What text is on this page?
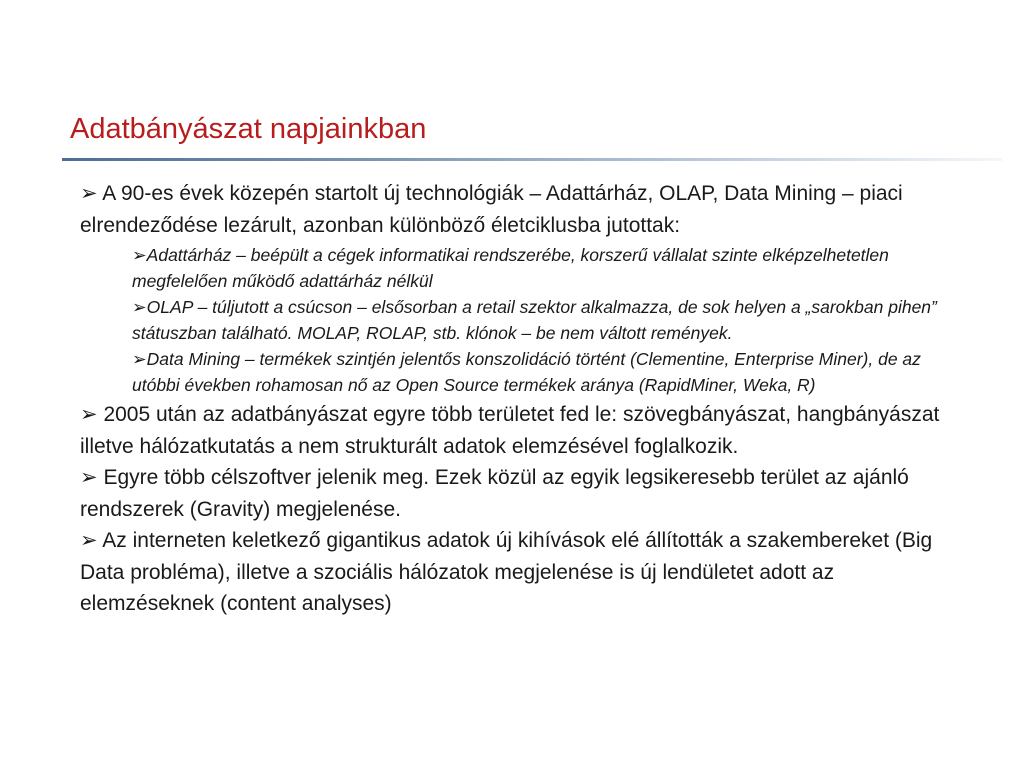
Adatbányászat napjainkban

➢ A 90-es évek közepén startolt új technológiák – Adattárház, OLAP, Data Mining – piaci elrendeződése lezárult, azonban különböző életciklusba jutottak:

➢Adattárház – beépült a cégek informatikai rendszerébe, korszerű vállalat szinte elképzelhetetlen megfelelően működő adattárház nélkül

➢OLAP – túljutott a csúcson – elsősorban a retail szektor alkalmazza, de sok helyen a „sarokban pihen” státuszban található. MOLAP, ROLAP, stb. klónok – be nem váltott remények.

➢Data Mining – termékek szintjén jelentős konszolidáció történt (Clementine, Enterprise Miner), de az utóbbi években rohamosan nő az Open Source termékek aránya (RapidMiner, Weka, R)

➢ 2005 után az adatbányászat egyre több területet fed le: szövegbányászat, hangbányászat illetve hálózatkutatás a nem strukturált adatok elemzésével foglalkozik.

➢ Egyre több célszoftver jelenik meg. Ezek közül az egyik legsikeresebb terület az ajánló rendszerek (Gravity) megjelenése.

➢ Az interneten keletkező gigantikus adatok új kihívások elé állították a szakembereket (Big Data probléma), illetve a szociális hálózatok megjelenése is új lendületet adott az elemzéseknek (content analyses)
